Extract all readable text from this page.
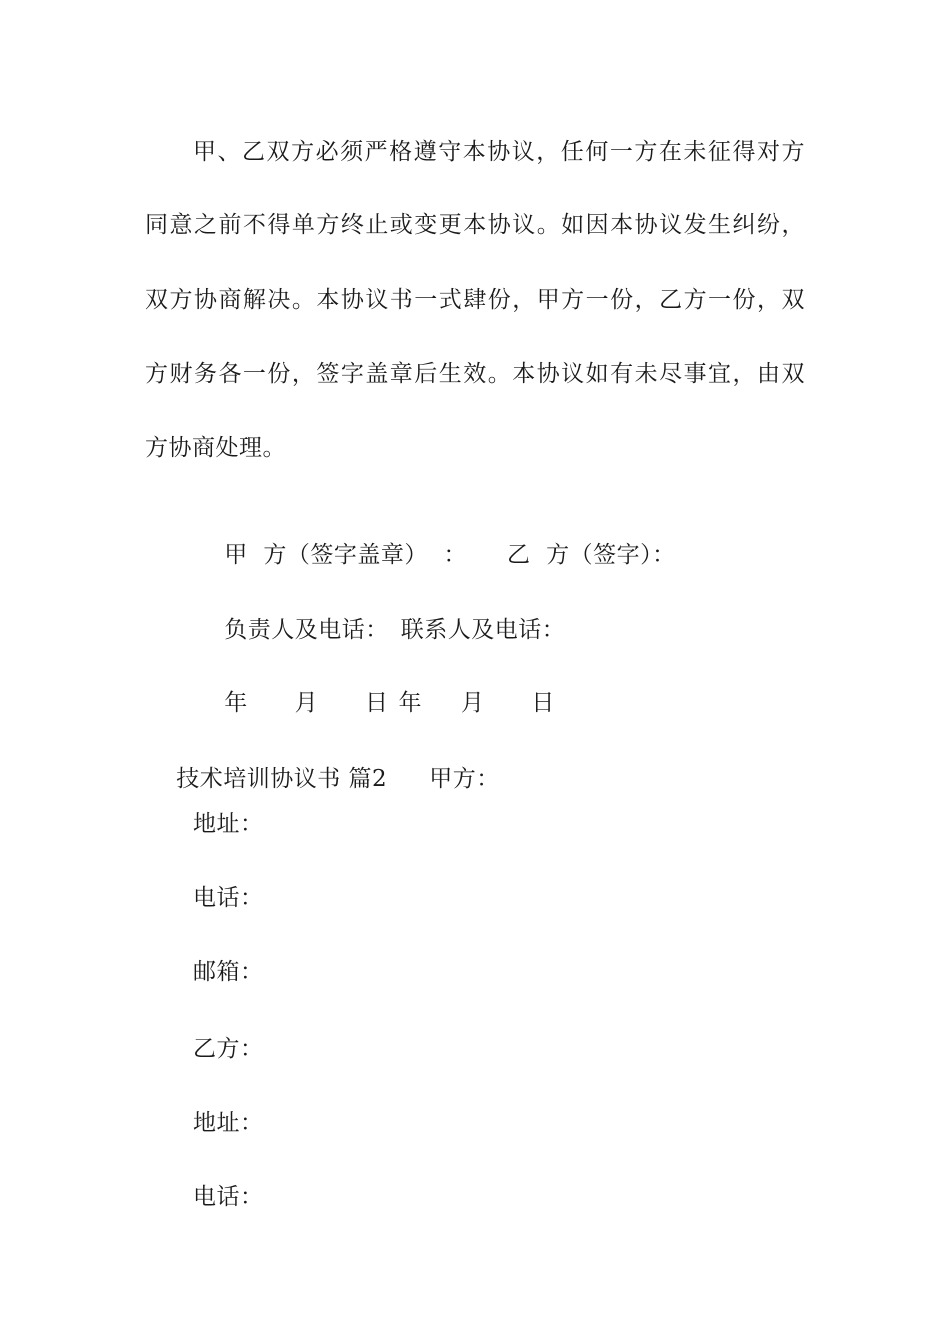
甲、乙双方必须严格遵守本协议，任何一方在未征得对方
同意之前不得单方终止或变更本协议。如因本协议发生纠纷，
双方协商解决。本协议书一式肆份，甲方一份，乙方一份，双
方财务各一份，签字盖章后生效。本协议如有未尽事宜，由双
方协商处理。

甲  方（签字盖章）  ： 乙  方（签字）：

负责人及电话： 联系人及电话：

年      月      日 年     月      日

技术培训协议书 篇2 甲方：

地址：
电话：
邮箱：
乙方：
地址：
电话：
